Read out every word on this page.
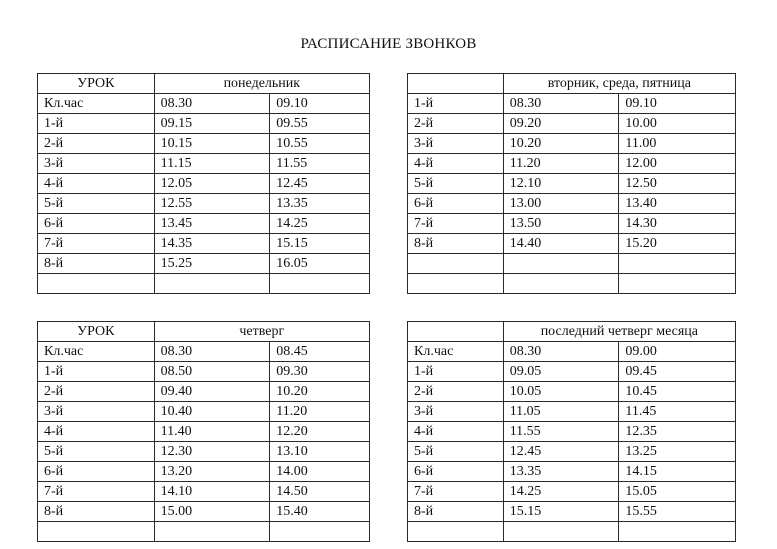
РАСПИСАНИЕ ЗВОНКОВ
УРОК	понедельник	
Кл.час	08.30	09.10
1-й	09.15	09.55
2-й	10.15	10.55
3-й	11.15	11.55
4-й	12.05	12.45
5-й	12.55	13.35
6-й	13.45	14.25
7-й	14.35	15.15
8-й	15.25	16.05

	вторник, среда, пятница	
1-й	08.30	09.10
2-й	09.20	10.00
3-й	10.20	11.00
4-й	11.20	12.00
5-й	12.10	12.50
6-й	13.00	13.40
7-й	13.50	14.30
8-й	14.40	15.20

УРОК	четверг	
Кл.час	08.30	08.45
1-й	08.50	09.30
2-й	09.40	10.20
3-й	10.40	11.20
4-й	11.40	12.20
5-й	12.30	13.10
6-й	13.20	14.00
7-й	14.10	14.50
8-й	15.00	15.40

	последний четверг месяца	
Кл.час	08.30	09.00
1-й	09.05	09.45
2-й	10.05	10.45
3-й	11.05	11.45
4-й	11.55	12.35
5-й	12.45	13.25
6-й	13.35	14.15
7-й	14.25	15.05
8-й	15.15	15.55
